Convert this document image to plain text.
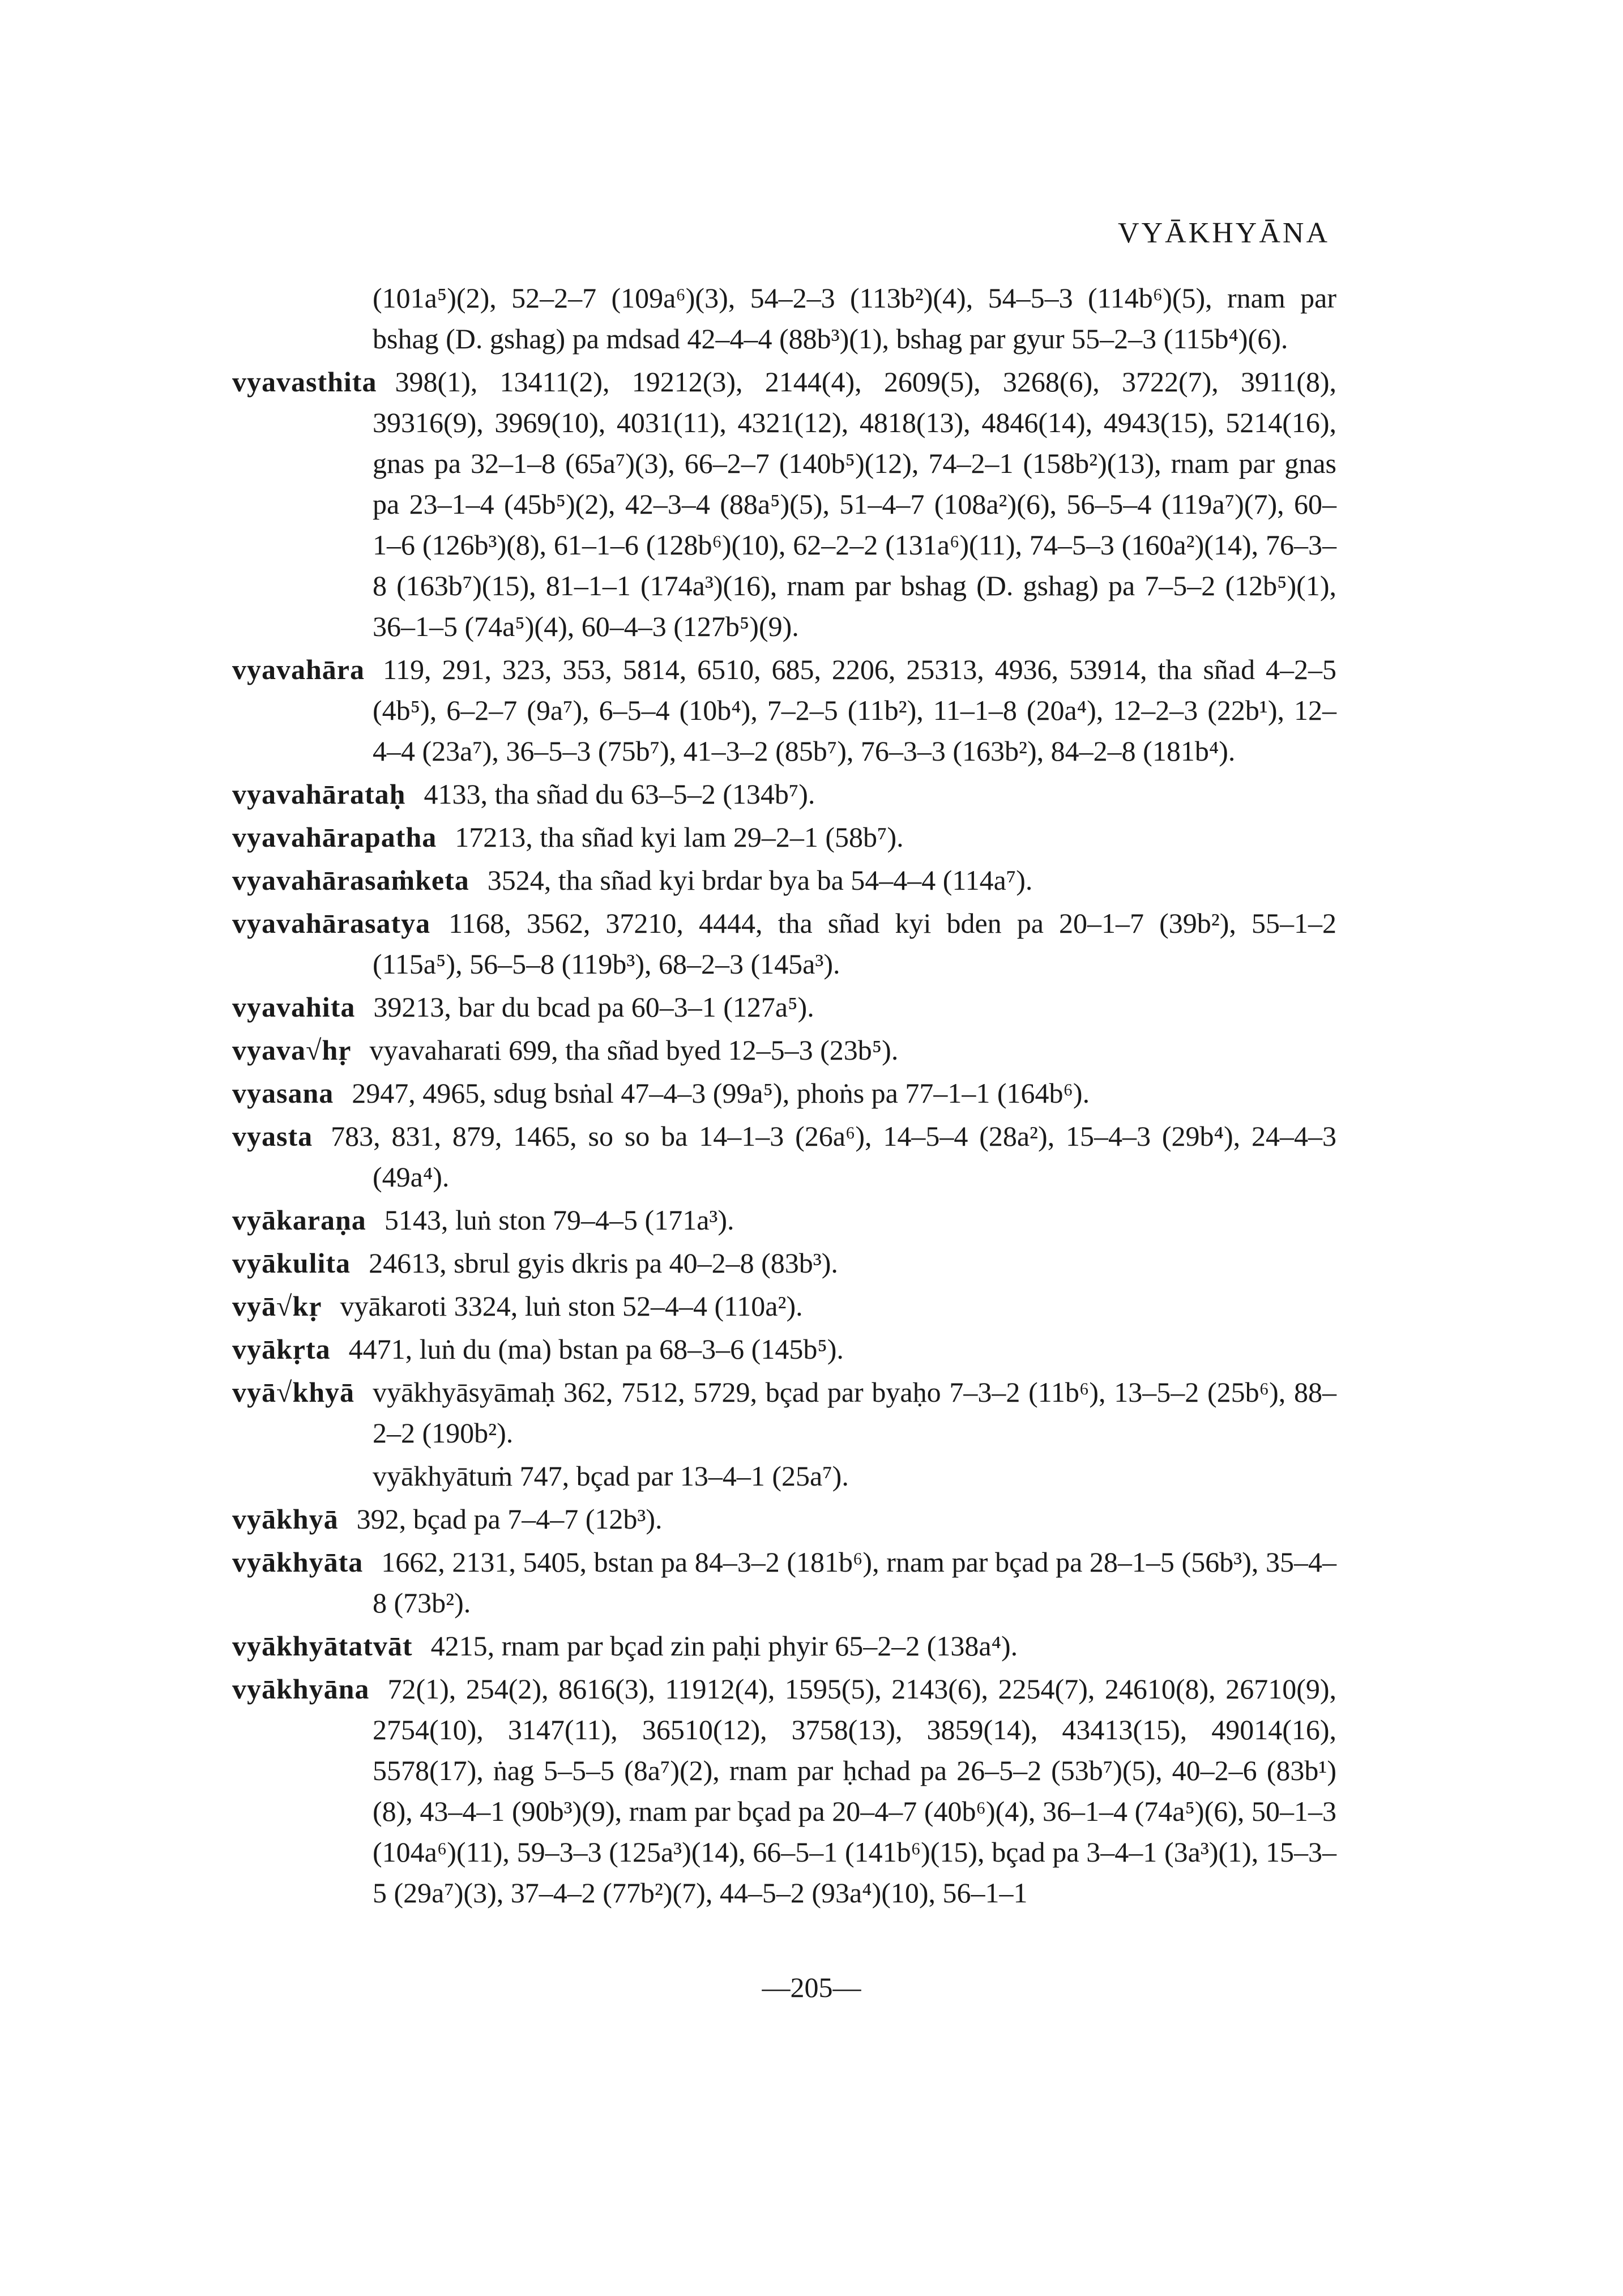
VYĀKHYĀNA

(101a⁵)(2), 52–2–7 (109a⁶)(3), 54–2–3 (113b²)(4), 54–5–3 (114b⁶)(5), rnam par bshag (D. gshag) pa mdsad 42–4–4 (88b³)(1), bshag par gyur 55–2–3 (115b⁴)(6).

vyavasthita 398(1), 13411(2), 19212(3), 2144(4), 2609(5), 3268(6), 3722(7), 3911(8), 39316(9), 3969(10), 4031(11), 4321(12), 4818(13), 4846(14), 4943(15), 5214(16), gnas pa 32–1–8 (65a⁷)(3), 66–2–7 (140b⁵)(12), 74–2–1 (158b²)(13), rnam par gnas pa 23–1–4 (45b⁵)(2), 42–3–4 (88a⁵)(5), 51–4–7 (108a²)(6), 56–5–4 (119a⁷)(7), 60–1–6 (126b³)(8), 61–1–6 (128b⁶)(10), 62–2–2 (131a⁶)(11), 74–5–3 (160a²)(14), 76–3–8 (163b⁷)(15), 81–1–1 (174a³)(16), rnam par bshag (D. gshag) pa 7–5–2 (12b⁵)(1), 36–1–5 (74a⁵)(4), 60–4–3 (127b⁵)(9).

vyavahāra 119, 291, 323, 353, 5814, 6510, 685, 2206, 25313, 4936, 53914, tha sñad 4–2–5 (4b⁵), 6–2–7 (9a⁷), 6–5–4 (10b⁴), 7–2–5 (11b²), 11–1–8 (20a⁴), 12–2–3 (22b¹), 12–4–4 (23a⁷), 36–5–3 (75b⁷), 41–3–2 (85b⁷), 76–3–3 (163b²), 84–2–8 (181b⁴).

vyavahārataḥ 4133, tha sñad du 63–5–2 (134b⁷).

vyavahārapatha 17213, tha sñad kyi lam 29–2–1 (58b⁷).

vyavahārasaṁketa 3524, tha sñad kyi brdar bya ba 54–4–4 (114a⁷).

vyavahārasatya 1168, 3562, 37210, 4444, tha sñad kyi bden pa 20–1–7 (39b²), 55–1–2 (115a⁵), 56–5–8 (119b³), 68–2–3 (145a³).

vyavahita 39213, bar du bcad pa 60–3–1 (127a⁵).

vyava√hṛ vyavaharati 699, tha sñad byed 12–5–3 (23b⁵).

vyasana 2947, 4965, sdug bsṅal 47–4–3 (99a⁵), phoṅs pa 77–1–1 (164b⁶).

vyasta 783, 831, 879, 1465, so so ba 14–1–3 (26a⁶), 14–5–4 (28a²), 15–4–3 (29b⁴), 24–4–3 (49a⁴).

vyākaraṇa 5143, luṅ ston 79–4–5 (171a³).

vyākulita 24613, sbrul gyis dkris pa 40–2–8 (83b³).

vyā√kṛ vyākaroti 3324, luṅ ston 52–4–4 (110a²).

vyākṛta 4471, luṅ du (ma) bstan pa 68–3–6 (145b⁵).

vyā√khyā vyākhyāsyāmaḥ 362, 7512, 5729, bçad par byaḥo 7–3–2 (11b⁶), 13–5–2 (25b⁶), 88–2–2 (190b²).

vyākhyātuṁ 747, bçad par 13–4–1 (25a⁷).

vyākhyā 392, bçad pa 7–4–7 (12b³).

vyākhyāta 1662, 2131, 5405, bstan pa 84–3–2 (181b⁶), rnam par bçad pa 28–1–5 (56b³), 35–4–8 (73b²).

vyākhyātatvāt 4215, rnam par bçad zin paḥi phyir 65–2–2 (138a⁴).

vyākhyāna 72(1), 254(2), 8616(3), 11912(4), 1595(5), 2143(6), 2254(7), 24610(8), 26710(9), 2754(10), 3147(11), 36510(12), 3758(13), 3859(14), 43413(15), 49014(16), 5578(17), ṅag 5–5–5 (8a⁷)(2), rnam par ḥchad pa 26–5–2 (53b⁷)(5), 40–2–6 (83b¹)(8), 43–4–1 (90b³)(9), rnam par bçad pa 20–4–7 (40b⁶)(4), 36–1–4 (74a⁵)(6), 50–1–3 (104a⁶)(11), 59–3–3 (125a³)(14), 66–5–1 (141b⁶)(15), bçad pa 3–4–1 (3a³)(1), 15–3–5 (29a⁷)(3), 37–4–2 (77b²)(7), 44–5–2 (93a⁴)(10), 56–1–1

—205—
